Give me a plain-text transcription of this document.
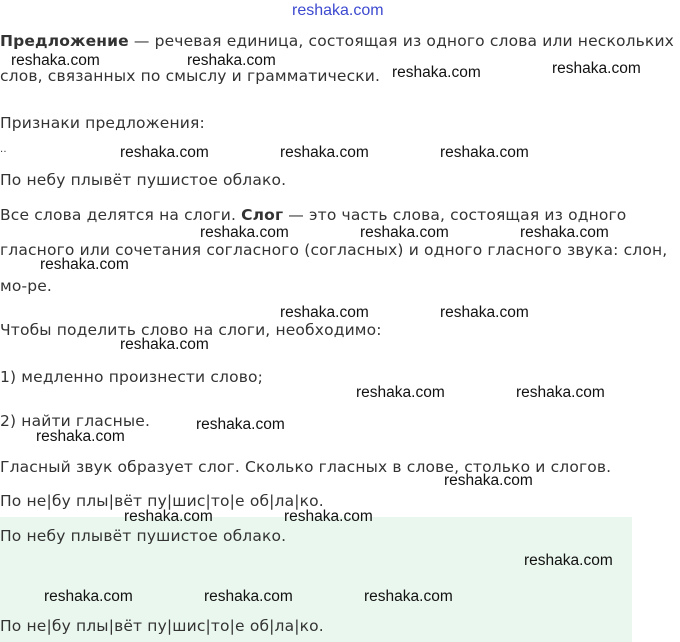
reshaka.com
Предложение — речевая единица, состоящая из одного слова или нескольких
слов, связанных по смыслу и грамматически.
Признаки предложения:
..
По небу плывёт пушистое облако.
Все слова делятся на слоги. Слог — это часть слова, состоящая из одного
гласного или сочетания согласного (согласных) и одного гласного звука: слон,
мо-ре.
Чтобы поделить слово на слоги, необходимо:
1) медленно произнести слово;
2) найти гласные.
Гласный звук образует слог. Сколько гласных в слове, столько и слогов.
По не|бу плы|вёт пу|шис|то|е об|ла|ко.
По небу плывёт пушистое облако.
По не|бу плы|вёт пу|шис|то|е об|ла|ко.
reshaka.com	reshaka.com
reshaka.com	reshaka.com
reshaka.com	reshaka.com	reshaka.com
reshaka.com	reshaka.com	reshaka.com
reshaka.com
reshaka.com	reshaka.com
reshaka.com
reshaka.com	reshaka.com
reshaka.com
reshaka.com
reshaka.com
reshaka.com	reshaka.com
reshaka.com
reshaka.com	reshaka.com	reshaka.com
